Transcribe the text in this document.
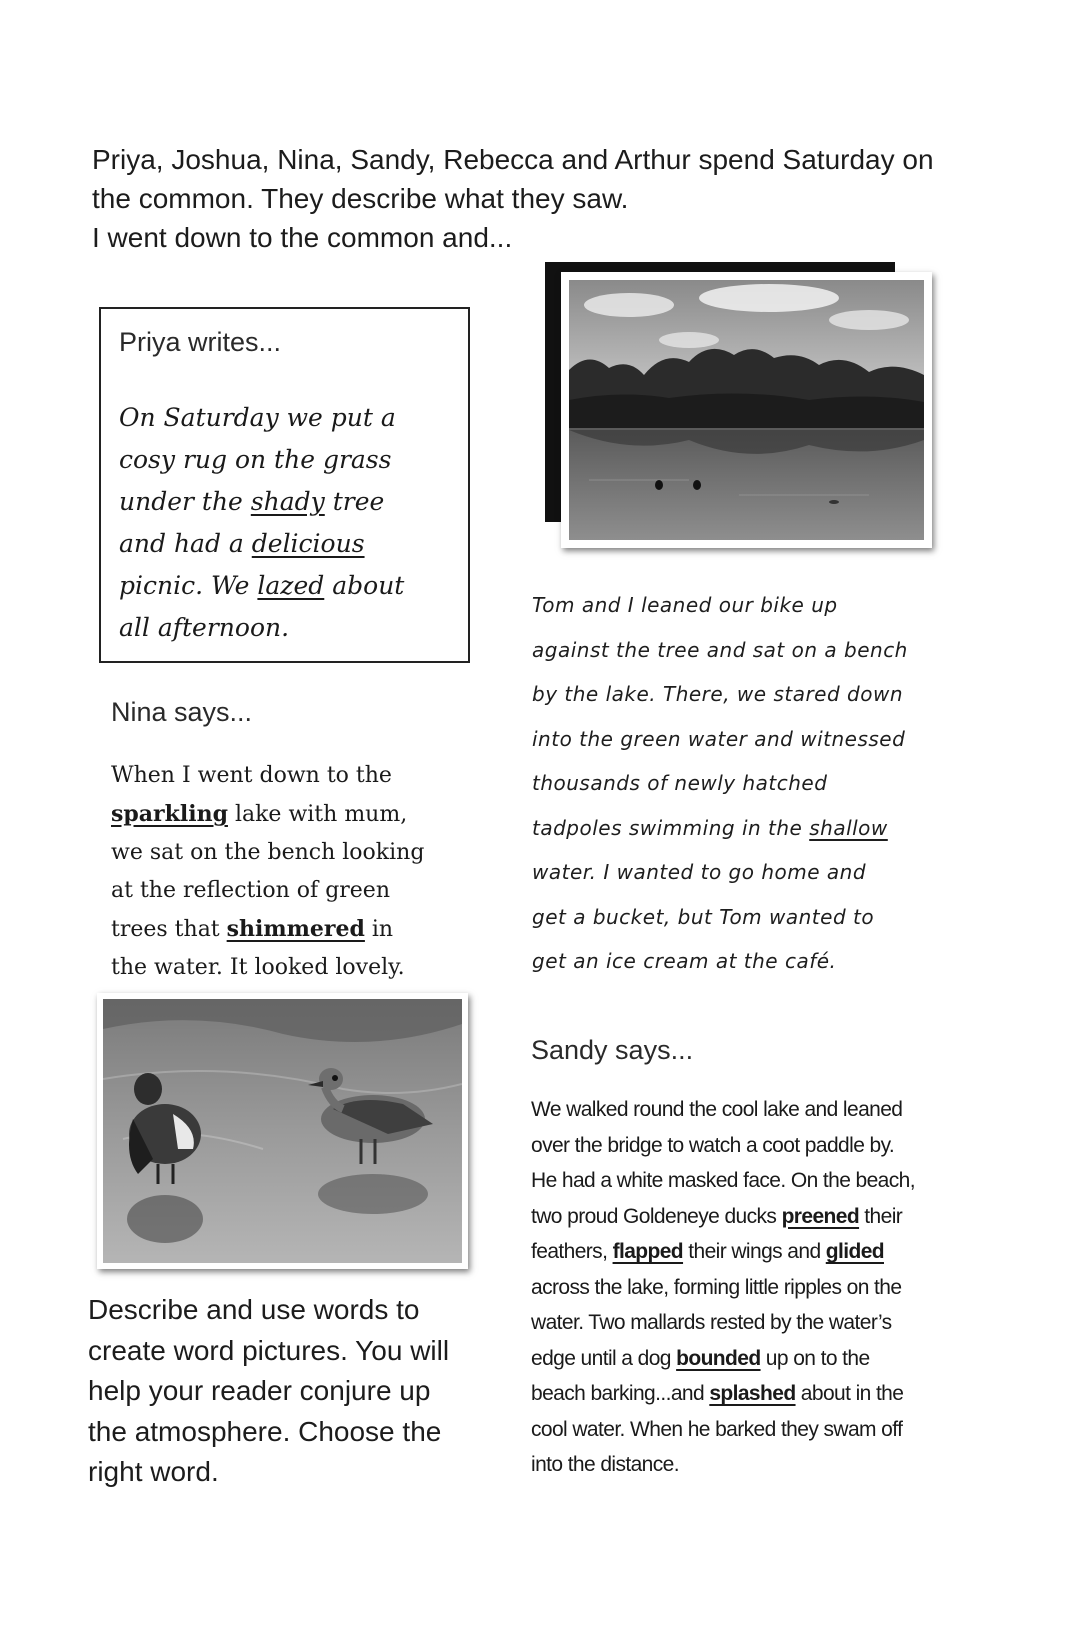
Priya, Joshua, Nina, Sandy, Rebecca and Arthur spend Saturday on
the common. They describe what they saw.
I went down to the common and...
Priya writes...
On Saturday we put a
cosy rug on the grass
under the shady tree
and had a delicious
picnic. We lazed about
all afternoon.
Nina says...
When I went down to the
sparkling lake with mum,
we sat on the bench looking
at the reflection of green
trees that shimmered in
the water. It looked lovely.
Tom and I leaned our bike up
against the tree and sat on a bench
by the lake. There, we stared down
into the green water and witnessed
thousands of newly hatched
tadpoles swimming in the shallow
water. I wanted to go home and
get a bucket, but Tom wanted to
get an ice cream at the café.
Sandy says...
We walked round the cool lake and leaned
over the bridge to watch a coot paddle by.
He had a white masked face. On the beach,
two proud Goldeneye ducks preened their
feathers, flapped their wings and glided
across the lake, forming little ripples on the
water. Two mallards rested by the water’s
edge until a dog bounded up on to the
beach barking...and splashed about in the
cool water. When he barked they swam off
into the distance.
Describe and use words to
create word pictures. You will
help your reader conjure up
the atmosphere. Choose the
right word.
